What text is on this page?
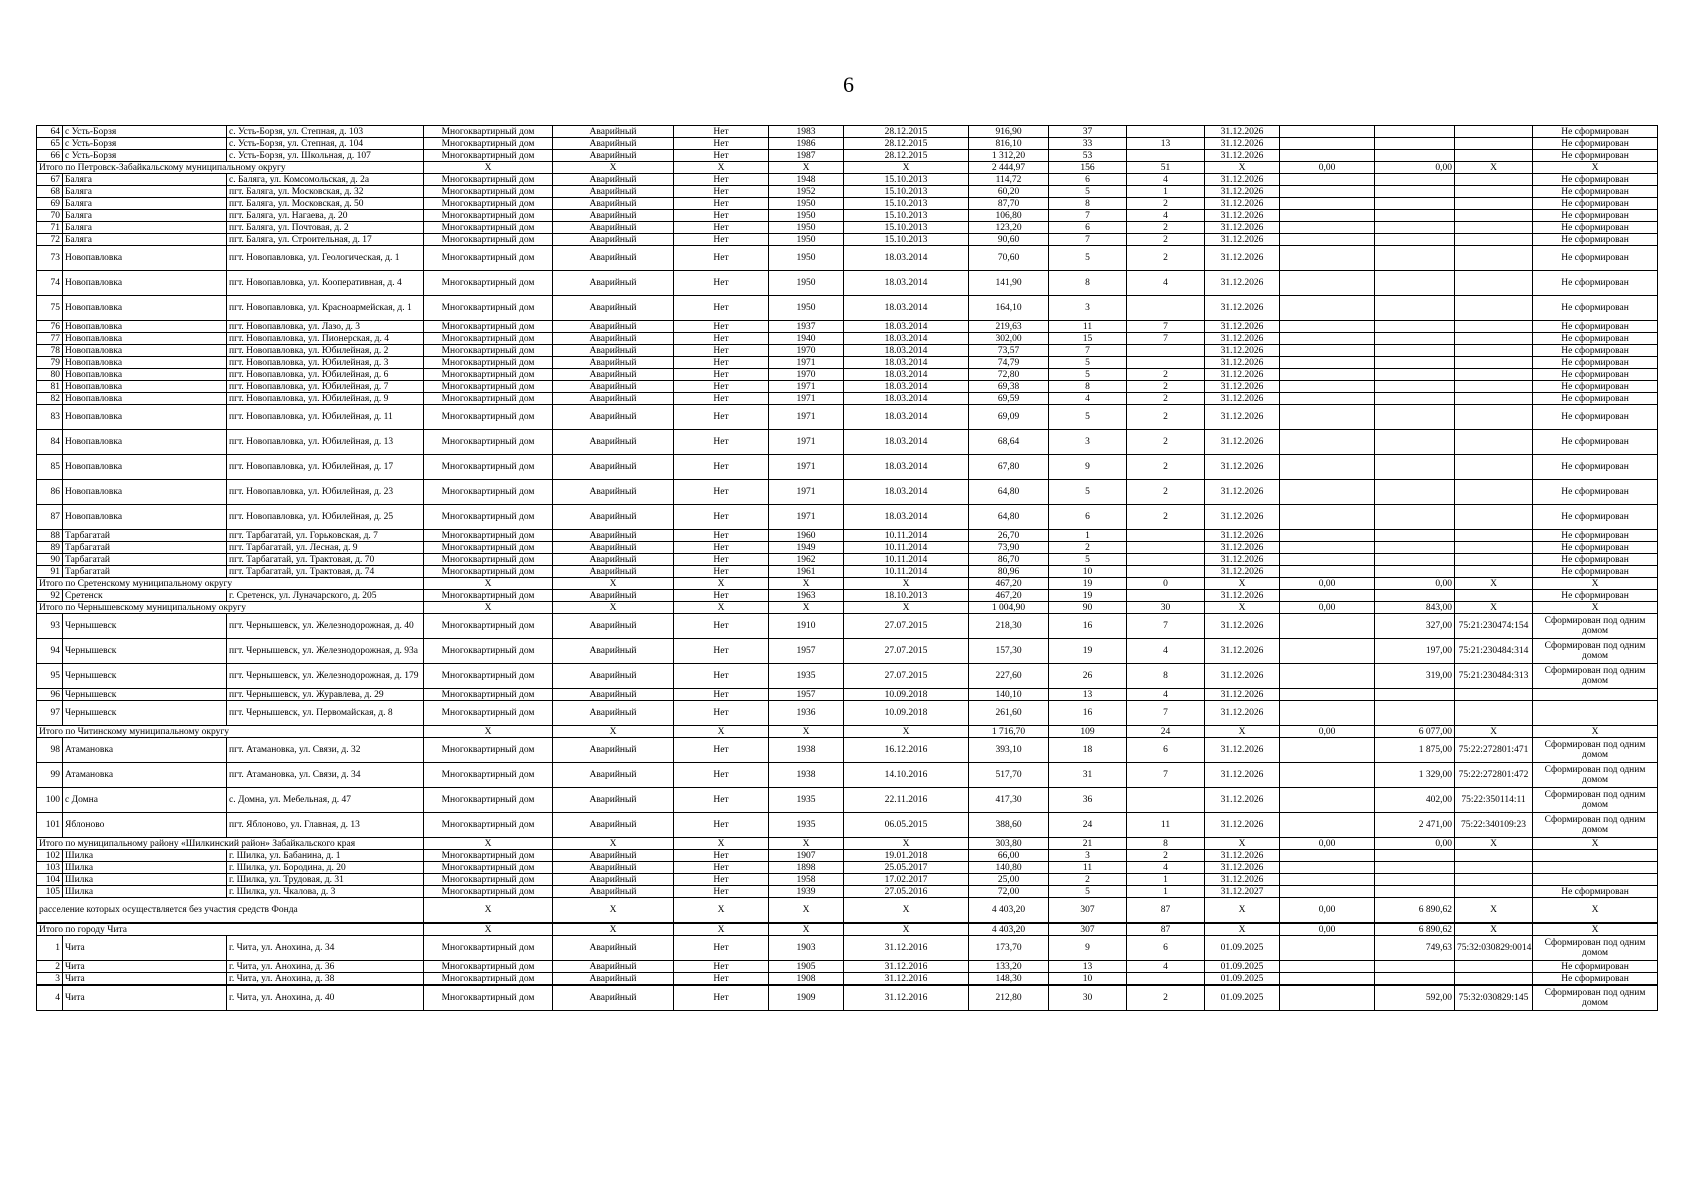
6
64	с Усть-Борзя	с. Усть-Борзя, ул. Степная, д. 103	Многоквартирный дом	Аварийный	Нет	1983	28.12.2015	916,90	37		31.12.2026				Не сформирован
65	с Усть-Борзя	с. Усть-Борзя, ул. Степная, д. 104	Многоквартирный дом	Аварийный	Нет	1986	28.12.2015	816,10	33	13	31.12.2026				Не сформирован
66	с Усть-Борзя	с. Усть-Борзя, ул. Школьная, д. 107	Многоквартирный дом	Аварийный	Нет	1987	28.12.2015	1 312,20	53		31.12.2026				Не сформирован
Итого по Петровск-Забайкальскому муниципальному округу			X	X	X	X	X	2 444,97	156	51	X	0,00	0,00	X	X
67	Балягa	с. Балягa, ул. Комсомольская, д. 2а	Многоквартирный дом	Аварийный	Нет	1948	15.10.2013	114,72	6	4	31.12.2026				Не сформирован
68	Балягa	пгт. Балягa, ул. Московская, д. 32	Многоквартирный дом	Аварийный	Нет	1952	15.10.2013	60,20	5	1	31.12.2026				Не сформирован
69	Балягa	пгт. Балягa, ул. Московская, д. 50	Многоквартирный дом	Аварийный	Нет	1950	15.10.2013	87,70	8	2	31.12.2026				Не сформирован
70	Балягa	пгт. Балягa, ул. Нагаева, д. 20	Многоквартирный дом	Аварийный	Нет	1950	15.10.2013	106,80	7	4	31.12.2026				Не сформирован
71	Балягa	пгт. Балягa, ул. Почтовая, д. 2	Многоквартирный дом	Аварийный	Нет	1950	15.10.2013	123,20	6	2	31.12.2026				Не сформирован
72	Балягa	пгт. Балягa, ул. Строительная, д. 17	Многоквартирный дом	Аварийный	Нет	1950	15.10.2013	90,60	7	2	31.12.2026				Не сформирован
73	Новопавловка	пгт. Новопавловка, ул. Геологическая, д. 1	Многоквартирный дом	Аварийный	Нет	1950	18.03.2014	70,60	5	2	31.12.2026				Не сформирован
74	Новопавловка	пгт. Новопавловка, ул. Кооперативная, д. 4	Многоквартирный дом	Аварийный	Нет	1950	18.03.2014	141,90	8	4	31.12.2026				Не сформирован
75	Новопавловка	пгт. Новопавловка, ул. Красноармейская, д. 1	Многоквартирный дом	Аварийный	Нет	1950	18.03.2014	164,10	3		31.12.2026				Не сформирован
76	Новопавловка	пгт. Новопавловка, ул. Лазо, д. 3	Многоквартирный дом	Аварийный	Нет	1937	18.03.2014	219,63	11	7	31.12.2026				Не сформирован
77	Новопавловка	пгт. Новопавловка, ул. Пионерская, д. 4	Многоквартирный дом	Аварийный	Нет	1940	18.03.2014	302,00	15	7	31.12.2026				Не сформирован
78	Новопавловка	пгт. Новопавловка, ул. Юбилейная, д. 2	Многоквартирный дом	Аварийный	Нет	1970	18.03.2014	73,57	7		31.12.2026				Не сформирован
79	Новопавловка	пгт. Новопавловка, ул. Юбилейная, д. 3	Многоквартирный дом	Аварийный	Нет	1971	18.03.2014	74,79	5		31.12.2026				Не сформирован
80	Новопавловка	пгт. Новопавловка, ул. Юбилейная, д. 6	Многоквартирный дом	Аварийный	Нет	1970	18.03.2014	72,80	5	2	31.12.2026				Не сформирован
81	Новопавловка	пгт. Новопавловка, ул. Юбилейная, д. 7	Многоквартирный дом	Аварийный	Нет	1971	18.03.2014	69,38	8	2	31.12.2026				Не сформирован
82	Новопавловка	пгт. Новопавловка, ул. Юбилейная, д. 9	Многоквартирный дом	Аварийный	Нет	1971	18.03.2014	69,59	4	2	31.12.2026				Не сформирован
83	Новопавловка	пгт. Новопавловка, ул. Юбилейная, д. 11	Многоквартирный дом	Аварийный	Нет	1971	18.03.2014	69,09	5	2	31.12.2026				Не сформирован
84	Новопавловка	пгт. Новопавловка, ул. Юбилейная, д. 13	Многоквартирный дом	Аварийный	Нет	1971	18.03.2014	68,64	3	2	31.12.2026				Не сформирован
85	Новопавловка	пгт. Новопавловка, ул. Юбилейная, д. 17	Многоквартирный дом	Аварийный	Нет	1971	18.03.2014	67,80	9	2	31.12.2026				Не сформирован
86	Новопавловка	пгт. Новопавловка, ул. Юбилейная, д. 23	Многоквартирный дом	Аварийный	Нет	1971	18.03.2014	64,80	5	2	31.12.2026				Не сформирован
87	Новопавловка	пгт. Новопавловка, ул. Юбилейная, д. 25	Многоквартирный дом	Аварийный	Нет	1971	18.03.2014	64,80	6	2	31.12.2026				Не сформирован
88	Тарбагатай	пгт. Тарбагатай, ул. Горьковская, д. 7	Многоквартирный дом	Аварийный	Нет	1960	10.11.2014	26,70	1		31.12.2026				Не сформирован
89	Тарбагатай	пгт. Тарбагатай, ул. Лесная, д. 9	Многоквартирный дом	Аварийный	Нет	1949	10.11.2014	73,90	2		31.12.2026				Не сформирован
90	Тарбагатай	пгт. Тарбагатай, ул. Трактовая, д. 70	Многоквартирный дом	Аварийный	Нет	1962	10.11.2014	86,70	5		31.12.2026				Не сформирован
91	Тарбагатай	пгт. Тарбагатай, ул. Трактовая, д. 74	Многоквартирный дом	Аварийный	Нет	1961	10.11.2014	80,96	10		31.12.2026				Не сформирован
Итого по Сретенскому муниципальному округу			X	X	X	X	X	467,20	19	0	X	0,00	0,00	X	X
92	Сретенск	г. Сретенск, ул. Луначарского, д. 205	Многоквартирный дом	Аварийный	Нет	1963	18.10.2013	467,20	19		31.12.2026				Не сформирован
Итого по Чернышевскому муниципальному округу			X	X	X	X	X	1 004,90	90	30	X	0,00	843,00	X	X
93	Чернышевск	пгт. Чернышевск, ул. Железнодорожная, д. 40	Многоквартирный дом	Аварийный	Нет	1910	27.07.2015	218,30	16	7	31.12.2026		327,00	75:21:230474:154	Сформирован под одним домом
94	Чернышевск	пгт. Чернышевск, ул. Железнодорожная, д. 93а	Многоквартирный дом	Аварийный	Нет	1957	27.07.2015	157,30	19	4	31.12.2026		197,00	75:21:230484:314	Сформирован под одним домом
95	Чернышевск	пгт. Чернышевск, ул. Железнодорожная, д. 179	Многоквартирный дом	Аварийный	Нет	1935	27.07.2015	227,60	26	8	31.12.2026		319,00	75:21:230484:313	Сформирован под одним домом
96	Чернышевск	пгт. Чернышевск, ул. Журавлева, д. 29	Многоквартирный дом	Аварийный	Нет	1957	10.09.2018	140,10	13	4	31.12.2026				
97	Чернышевск	пгт. Чернышевск, ул. Первомайская, д. 8	Многоквартирный дом	Аварийный	Нет	1936	10.09.2018	261,60	16	7	31.12.2026				
Итого по Читинскому муниципальному округу			X	X	X	X	X	1 716,70	109	24	X	0,00	6 077,00	X	X
98	Атамановка	пгт. Атамановка, ул. Связи, д. 32	Многоквартирный дом	Аварийный	Нет	1938	16.12.2016	393,10	18	6	31.12.2026		1 875,00	75:22:272801:471	Сформирован под одним домом
99	Атамановка	пгт. Атамановка, ул. Связи, д. 34	Многоквартирный дом	Аварийный	Нет	1938	14.10.2016	517,70	31	7	31.12.2026		1 329,00	75:22:272801:472	Сформирован под одним домом
100	с Домна	с. Домна, ул. Мебельная, д. 47	Многоквартирный дом	Аварийный	Нет	1935	22.11.2016	417,30	36		31.12.2026		402,00	75:22:350114:11	Сформирован под одним домом
101	Яблоново	пгт. Яблоново, ул. Главная, д. 13	Многоквартирный дом	Аварийный	Нет	1935	06.05.2015	388,60	24	11	31.12.2026		2 471,00	75:22:340109:23	Сформирован под одним домом
Итого по муниципальному району «Шилкинский район» Забайкальского края			X	X	X	X	X	303,80	21	8	X	0,00	0,00	X	X
102	Шилка	г. Шилка, ул. Бабанина, д. 1	Многоквартирный дом	Аварийный	Нет	1907	19.01.2018	66,00	3	2	31.12.2026				
103	Шилка	г. Шилка, ул. Бородина, д. 20	Многоквартирный дом	Аварийный	Нет	1898	25.05.2017	140,80	11	4	31.12.2026				
104	Шилка	г. Шилка, ул. Трудовая, д. 31	Многоквартирный дом	Аварийный	Нет	1958	17.02.2017	25,00	2	1	31.12.2026				
105	Шилка	г. Шилка, ул. Чкалова, д. 3	Многоквартирный дом	Аварийный	Нет	1939	27.05.2016	72,00	5	1	31.12.2027				Не сформирован
расселение которых осуществляется без участия средств Фонда			X	X	X	X	X	4 403,20	307	87	X	0,00	6 890,62	X	X
Итого по городу Чита			X	X	X	X	X	4 403,20	307	87	X	0,00	6 890,62	X	X
1	Чита	г. Чита, ул. Анохина, д. 34	Многоквартирный дом	Аварийный	Нет	1903	31.12.2016	173,70	9	6	01.09.2025		749,63	75:32:030829:0014	Сформирован под одним домом
2	Чита	г. Чита, ул. Анохина, д. 36	Многоквартирный дом	Аварийный	Нет	1905	31.12.2016	133,20	13	4	01.09.2025				Не сформирован
3	Чита	г. Чита, ул. Анохина, д. 38	Многоквартирный дом	Аварийный	Нет	1908	31.12.2016	148,30	10		01.09.2025				Не сформирован
4	Чита	г. Чита, ул. Анохина, д. 40	Многоквартирный дом	Аварийный	Нет	1909	31.12.2016	212,80	30	2	01.09.2025		592,00	75:32:030829:145	Сформирован под одним домом
